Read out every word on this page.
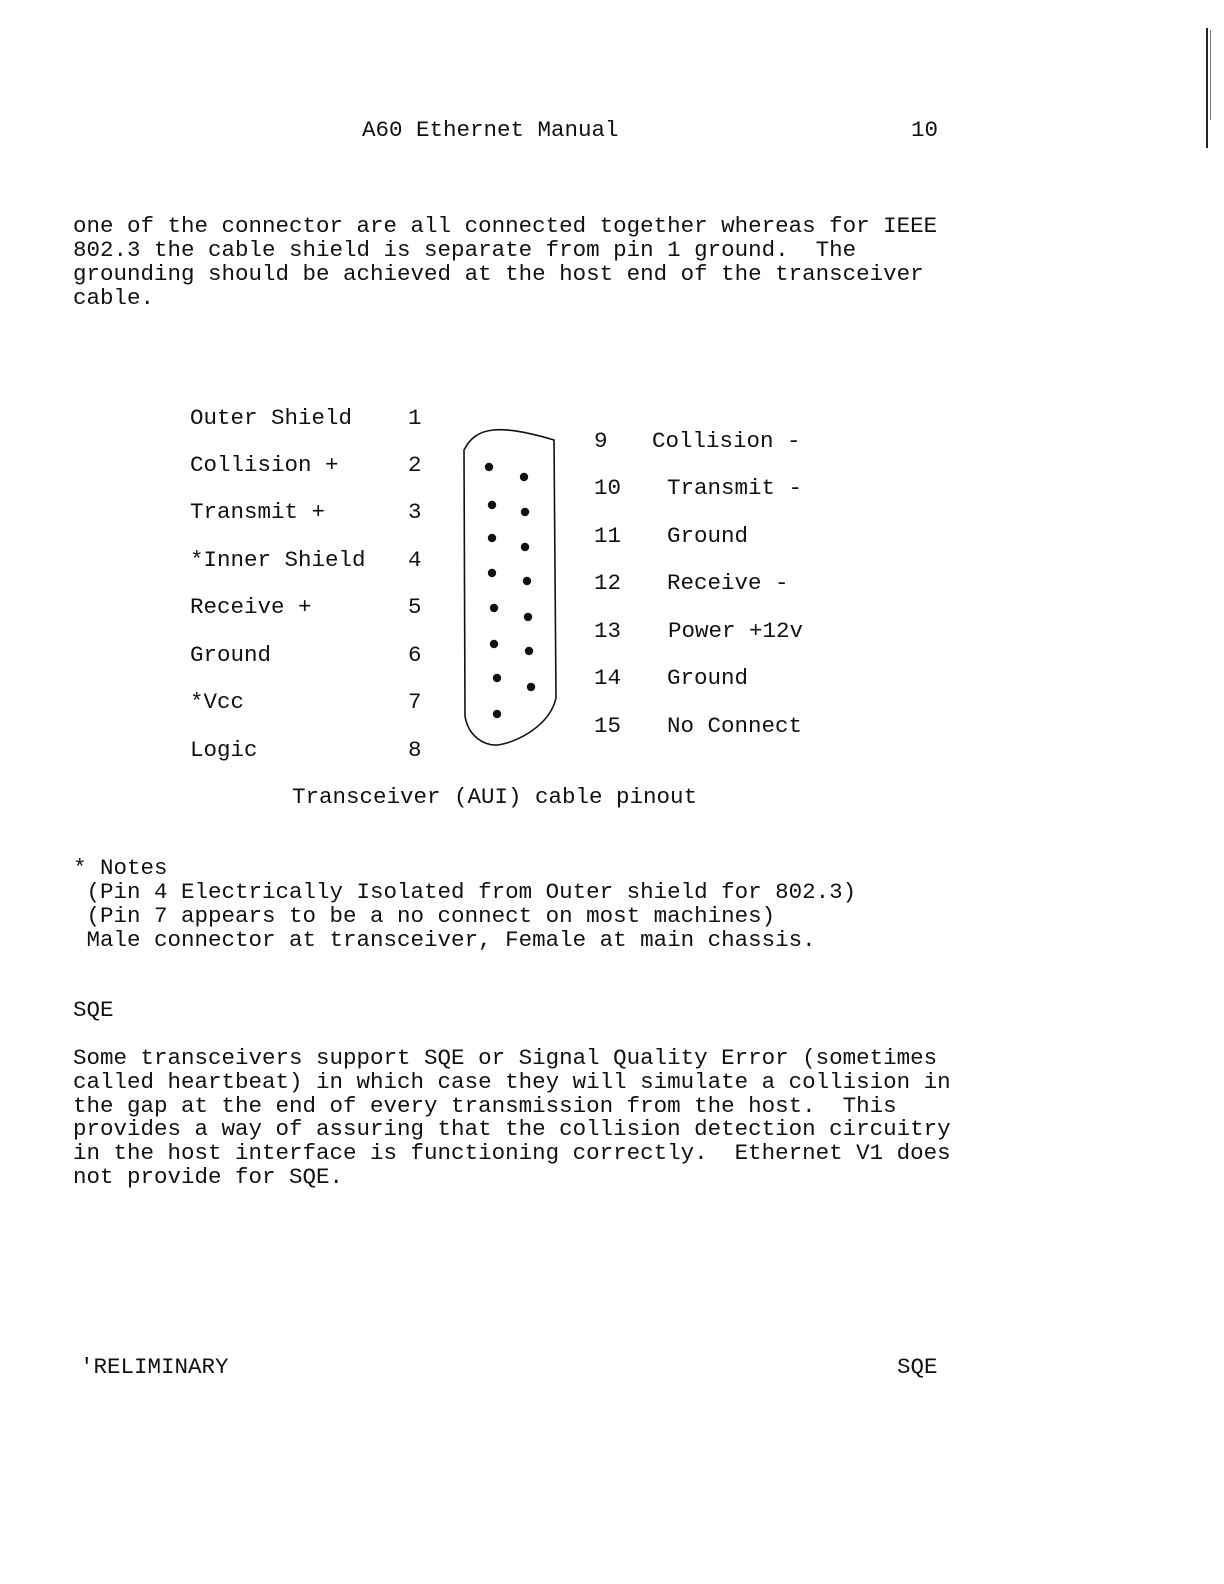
A60 Ethernet Manual	10
one of the connector are all connected together whereas for IEEE
802.3 the cable shield is separate from pin 1 ground.  The
grounding should be achieved at the host end of the transceiver
cable.
Outer Shield
Collision +
Transmit +
*Inner Shield
Receive +
Ground
*Vcc
Logic
1
2
3
4
5
6
7
8
9
10
11
12
13
14
15
Collision -
Transmit -
Ground
Receive -
Power +12v
Ground
No Connect
Transceiver (AUI) cable pinout
* Notes
(Pin 4 Electrically Isolated from Outer shield for 802.3)
(Pin 7 appears to be a no connect on most machines)
Male connector at transceiver, Female at main chassis.
SQE
Some transceivers support SQE or Signal Quality Error (sometimes
called heartbeat) in which case they will simulate a collision in
the gap at the end of every transmission from the host.  This
provides a way of assuring that the collision detection circuitry
in the host interface is functioning correctly.  Ethernet V1 does
not provide for SQE.
'RELIMINARY	SQE
